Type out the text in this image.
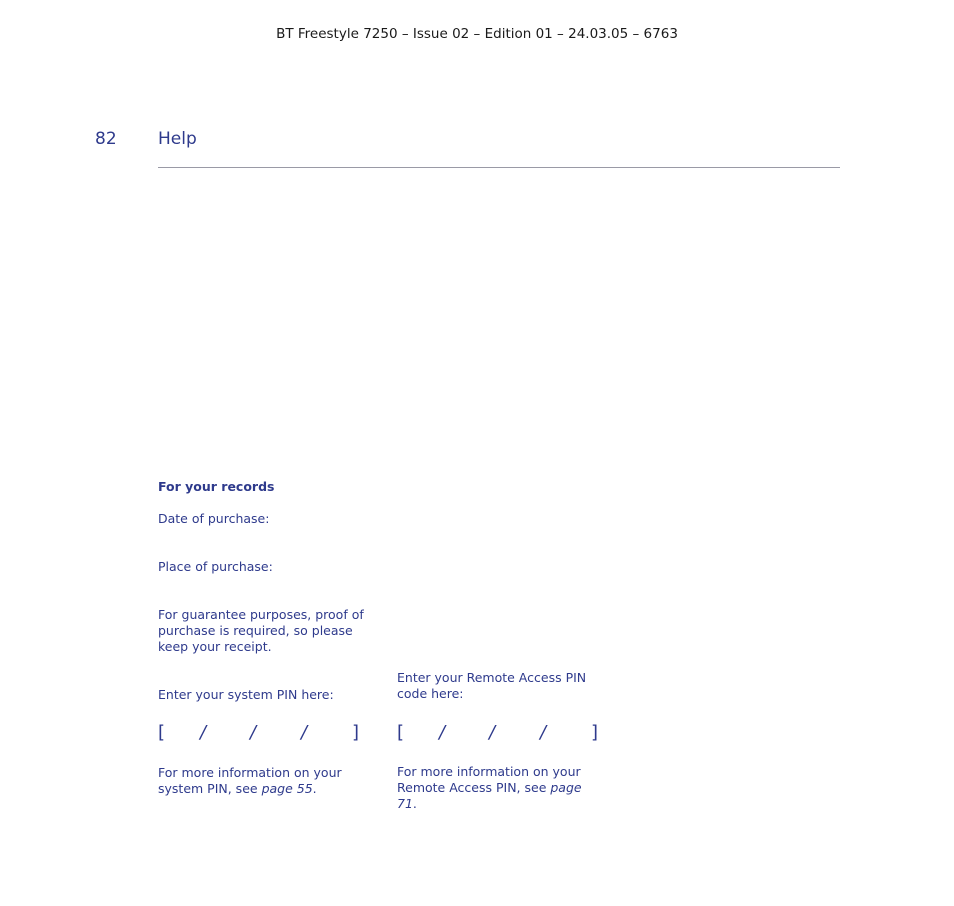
BT Freestyle 7250 – Issue 02 – Edition 01 – 24.03.05 – 6763
82 Help
For your records
Date of purchase:
Place of purchase:
For guarantee purposes, proof of purchase is required, so please keep your receipt.
Enter your system PIN here:
Enter your Remote Access PIN code here:
[ / / / ] [ / / / ]
For more information on your system PIN, see page 55.
For more information on your Remote Access PIN, see page 71.
